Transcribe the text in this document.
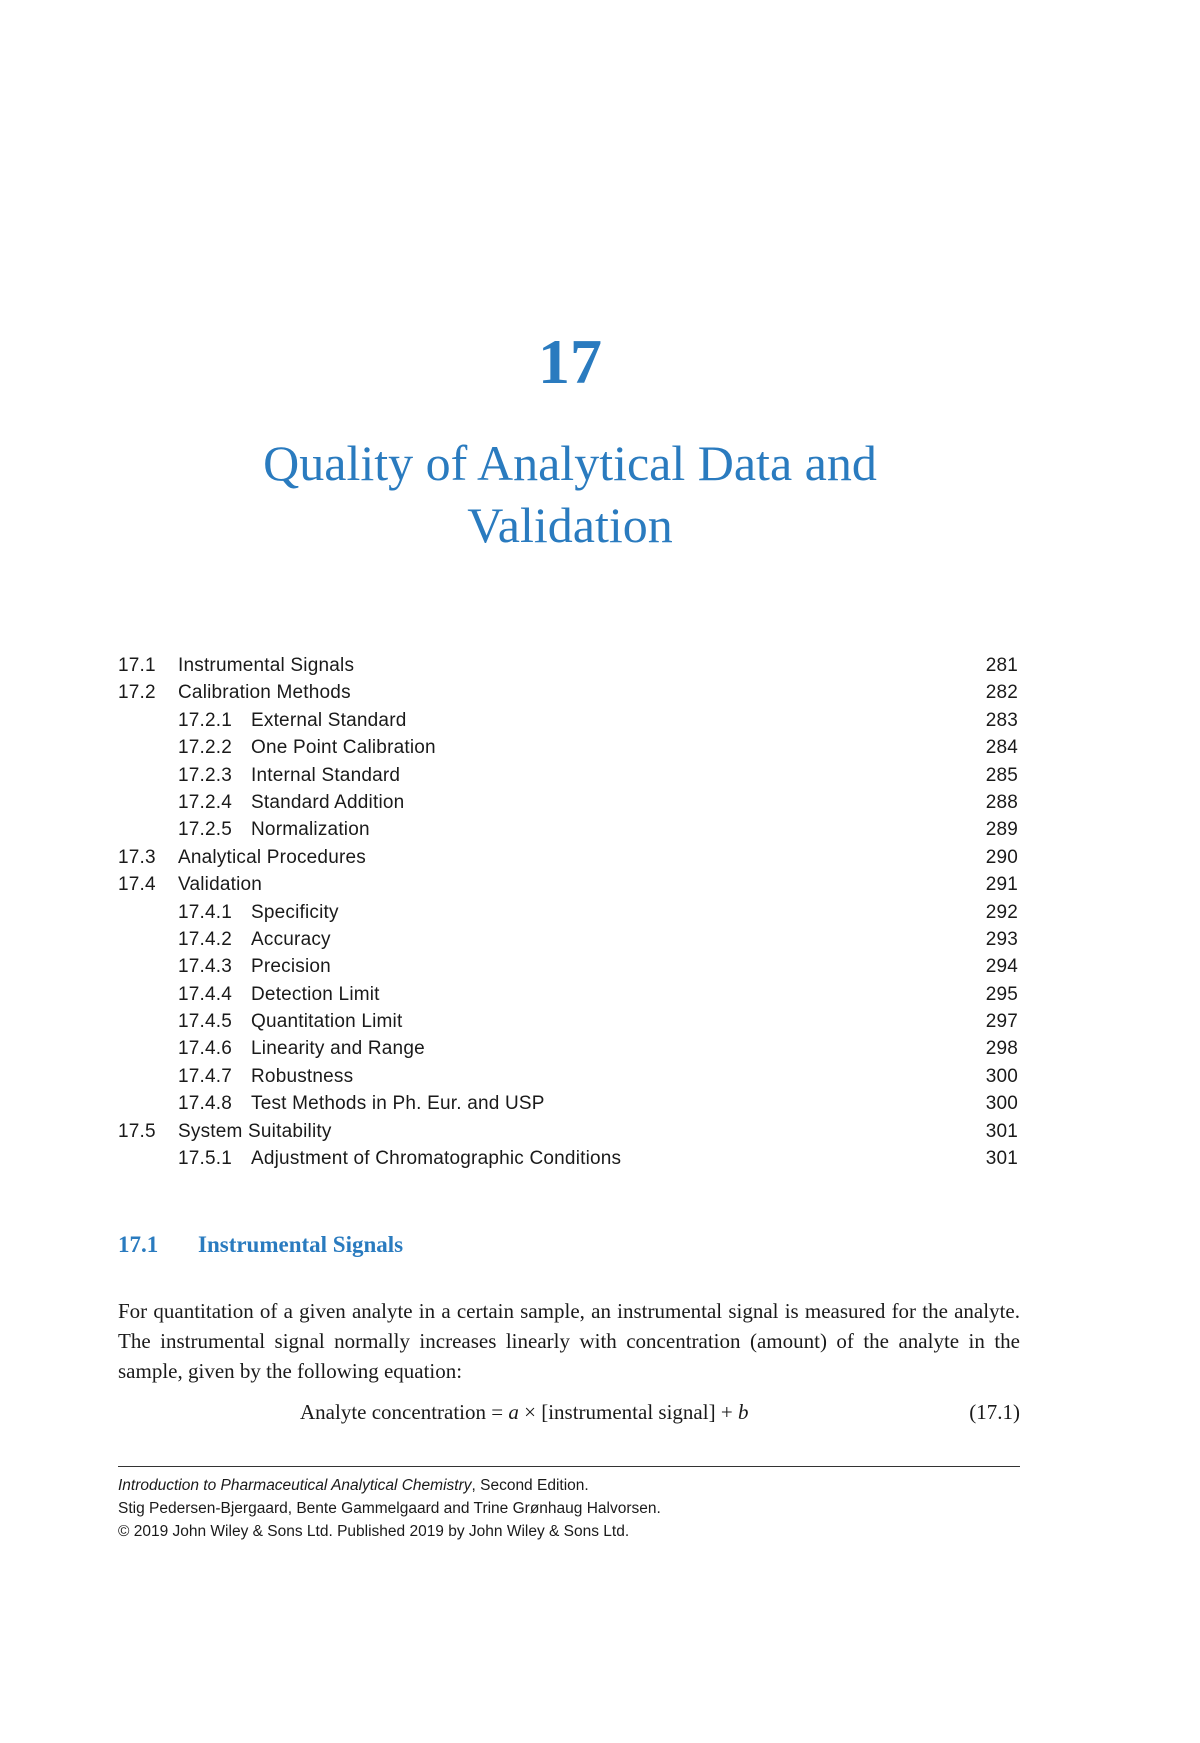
17
Quality of Analytical Data and Validation
17.1 Instrumental Signals	281
17.2 Calibration Methods	282
17.2.1 External Standard	283
17.2.2 One Point Calibration	284
17.2.3 Internal Standard	285
17.2.4 Standard Addition	288
17.2.5 Normalization	289
17.3 Analytical Procedures	290
17.4 Validation	291
17.4.1 Specificity	292
17.4.2 Accuracy	293
17.4.3 Precision	294
17.4.4 Detection Limit	295
17.4.5 Quantitation Limit	297
17.4.6 Linearity and Range	298
17.4.7 Robustness	300
17.4.8 Test Methods in Ph. Eur. and USP	300
17.5 System Suitability	301
17.5.1 Adjustment of Chromatographic Conditions	301
17.1 Instrumental Signals
For quantitation of a given analyte in a certain sample, an instrumental signal is measured for the analyte. The instrumental signal normally increases linearly with concentration (amount) of the analyte in the sample, given by the following equation:
Analyte concentration = a × [instrumental signal] + b	(17.1)
Introduction to Pharmaceutical Analytical Chemistry, Second Edition.
Stig Pedersen-Bjergaard, Bente Gammelgaard and Trine Grønhaug Halvorsen.
© 2019 John Wiley & Sons Ltd. Published 2019 by John Wiley & Sons Ltd.
